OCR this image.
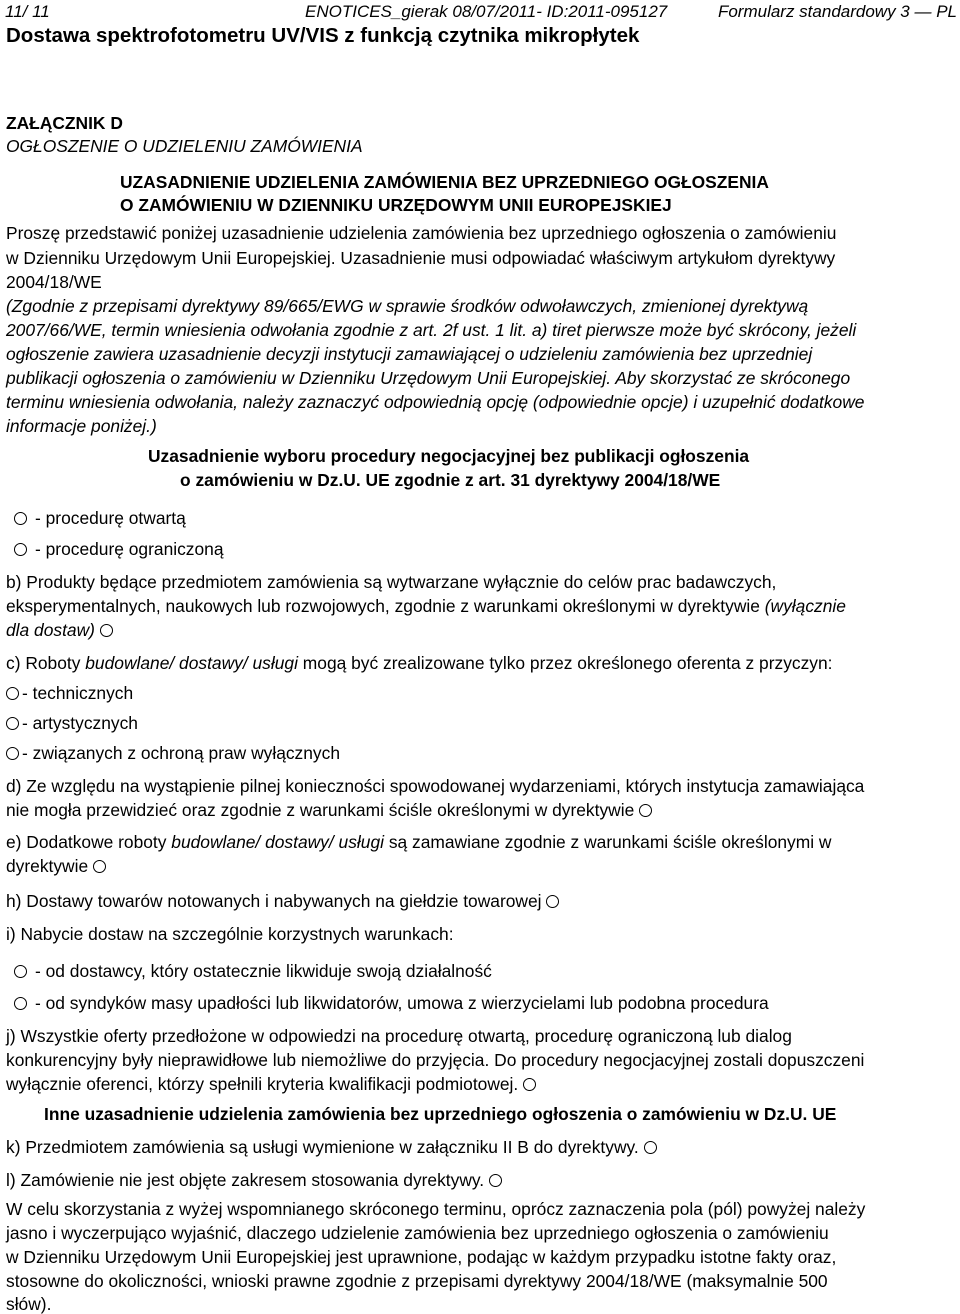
11/ 11	ENOTICES_gierak 08/07/2011- ID:2011-095127	Formularz standardowy 3 — PL
Dostawa spektrofotometru UV/VIS z funkcją czytnika mikropłytek
ZAŁĄCZNIK D
OGŁOSZENIE O UDZIELENIU ZAMÓWIENIA
UZASADNIENIE UDZIELENIA ZAMÓWIENIA BEZ UPRZEDNIEGO OGŁOSZENIA
O ZAMÓWIENIU W DZIENNIKU URZĘDOWYM UNII EUROPEJSKIEJ
Proszę przedstawić poniżej uzasadnienie udzielenia zamówienia bez uprzedniego ogłoszenia o zamówieniu
w Dzienniku Urzędowym Unii Europejskiej. Uzasadnienie musi odpowiadać właściwym artykułom dyrektywy
2004/18/WE
(Zgodnie z przepisami dyrektywy 89/665/EWG w sprawie środków odwoławczych, zmienionej dyrektywą
2007/66/WE, termin wniesienia odwołania zgodnie z art. 2f ust. 1 lit. a) tiret pierwsze może być skrócony, jeżeli
ogłoszenie zawiera uzasadnienie decyzji instytucji zamawiającej o udzieleniu zamówienia bez uprzedniej
publikacji ogłoszenia o zamówieniu w Dzienniku Urzędowym Unii Europejskiej. Aby skorzystać ze skróconego
terminu wniesienia odwołania, należy zaznaczyć odpowiednią opcję (odpowiednie opcje) i uzupełnić dodatkowe
informacje poniżej.)
Uzasadnienie wyboru procedury negocjacyjnej bez publikacji ogłoszenia
o zamówieniu w Dz.U. UE zgodnie z art. 31 dyrektywy 2004/18/WE
- procedurę otwartą
- procedurę ograniczoną
b) Produkty będące przedmiotem zamówienia są wytwarzane wyłącznie do celów prac badawczych,
eksperymentalnych, naukowych lub rozwojowych, zgodnie z warunkami określonymi w dyrektywie (wyłącznie
dla dostaw)
c) Roboty budowlane/ dostawy/ usługi mogą być zrealizowane tylko przez określonego oferenta z przyczyn:
- technicznych
- artystycznych
- związanych z ochroną praw wyłącznych
d) Ze względu na wystąpienie pilnej konieczności spowodowanej wydarzeniami, których instytucja zamawiająca
nie mogła przewidzieć oraz zgodnie z warunkami ściśle określonymi w dyrektywie
e) Dodatkowe roboty budowlane/ dostawy/ usługi są zamawiane zgodnie z warunkami ściśle określonymi w
dyrektywie
h) Dostawy towarów notowanych i nabywanych na giełdzie towarowej
i) Nabycie dostaw na szczególnie korzystnych warunkach:
- od dostawcy, który ostatecznie likwiduje swoją działalność
- od syndyków masy upadłości lub likwidatorów, umowa z wierzycielami lub podobna procedura
j) Wszystkie oferty przedłożone w odpowiedzi na procedurę otwartą, procedurę ograniczoną lub dialog
konkurencyjny były nieprawidłowe lub niemożliwe do przyjęcia. Do procedury negocjacyjnej zostali dopuszczeni
wyłącznie oferenci, którzy spełnili kryteria kwalifikacji podmiotowej.
Inne uzasadnienie udzielenia zamówienia bez uprzedniego ogłoszenia o zamówieniu w Dz.U. UE
k) Przedmiotem zamówienia są usługi wymienione w załączniku II B do dyrektywy.
l) Zamówienie nie jest objęte zakresem stosowania dyrektywy.
W celu skorzystania z wyżej wspomnianego skróconego terminu, oprócz zaznaczenia pola (pól) powyżej należy
jasno i wyczerpująco wyjaśnić, dlaczego udzielenie zamówienia bez uprzedniego ogłoszenia o zamówieniu
w Dzienniku Urzędowym Unii Europejskiej jest uprawnione, podając w każdym przypadku istotne fakty oraz,
stosowne do okoliczności, wnioski prawne zgodnie z przepisami dyrektywy 2004/18/WE (maksymalnie 500
słów).
